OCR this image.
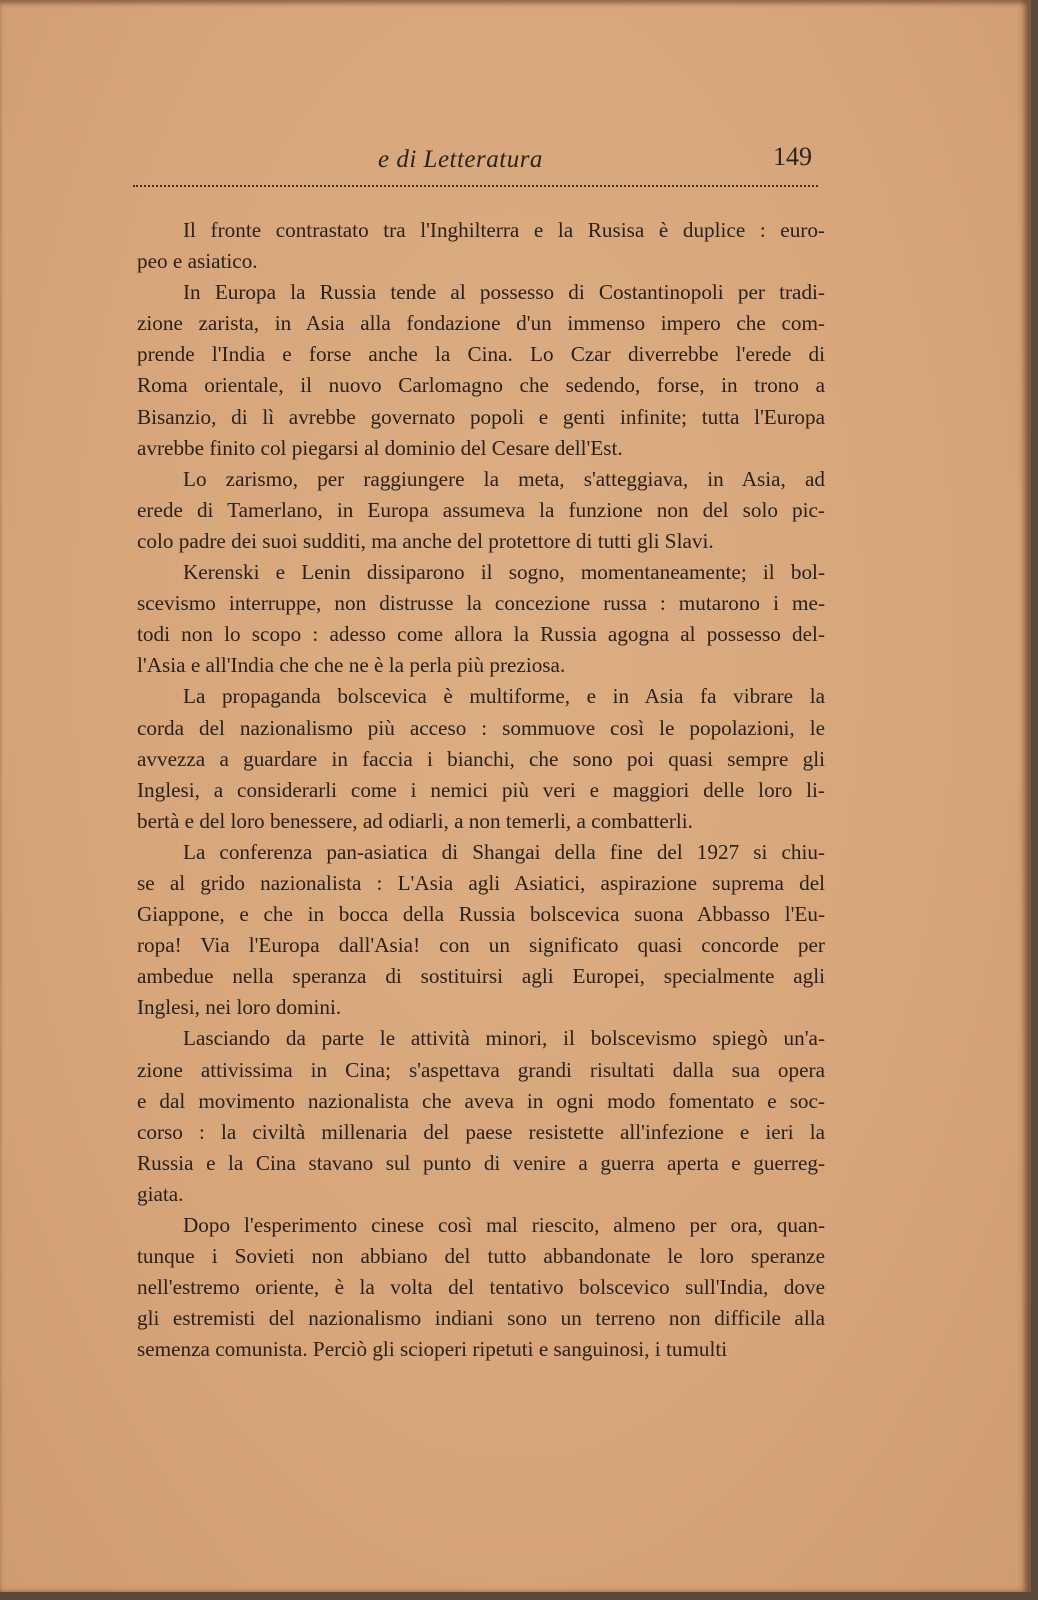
e di Letteratura	149
Il fronte contrastato tra l'Inghilterra e la Rusisa è duplice : euro-
peo e asiatico.
In Europa la Russia tende al possesso di Costantinopoli per tradi-
zione zarista, in Asia alla fondazione d'un immenso impero che com-
prende l'India e forse anche la Cina. Lo Czar diverrebbe l'erede di
Roma orientale, il nuovo Carlomagno che sedendo, forse, in trono a
Bisanzio, di lì avrebbe governato popoli e genti infinite; tutta l'Europa
avrebbe finito col piegarsi al dominio del Cesare dell'Est.
Lo zarismo, per raggiungere la meta, s'atteggiava, in Asia, ad
erede di Tamerlano, in Europa assumeva la funzione non del solo pic-
colo padre dei suoi sudditi, ma anche del protettore di tutti gli Slavi.
Kerenski e Lenin dissiparono il sogno, momentaneamente; il bol-
scevismo interruppe, non distrusse la concezione russa : mutarono i me-
todi non lo scopo : adesso come allora la Russia agogna al possesso del-
l'Asia e all'India che che ne è la perla più preziosa.
La propaganda bolscevica è multiforme, e in Asia fa vibrare la
corda del nazionalismo più acceso : sommuove così le popolazioni, le
avvezza a guardare in faccia i bianchi, che sono poi quasi sempre gli
Inglesi, a considerarli come i nemici più veri e maggiori delle loro li-
bertà e del loro benessere, ad odiarli, a non temerli, a combatterli.
La conferenza pan-asiatica di Shangai della fine del 1927 si chiu-
se al grido nazionalista : L'Asia agli Asiatici, aspirazione suprema del
Giappone, e che in bocca della Russia bolscevica suona Abbasso l'Eu-
ropa! Via l'Europa dall'Asia! con un significato quasi concorde per
ambedue nella speranza di sostituirsi agli Europei, specialmente agli
Inglesi, nei loro domini.
Lasciando da parte le attività minori, il bolscevismo spiegò un'a-
zione attivissima in Cina; s'aspettava grandi risultati dalla sua opera
e dal movimento nazionalista che aveva in ogni modo fomentato e soc-
corso : la civiltà millenaria del paese resistette all'infezione e ieri la
Russia e la Cina stavano sul punto di venire a guerra aperta e guerreg-
giata.
Dopo l'esperimento cinese così mal riescito, almeno per ora, quan-
tunque i Sovieti non abbiano del tutto abbandonate le loro speranze
nell'estremo oriente, è la volta del tentativo bolscevico sull'India, dove
gli estremisti del nazionalismo indiani sono un terreno non difficile alla
semenza comunista. Perciò gli scioperi ripetuti e sanguinosi, i tumulti
